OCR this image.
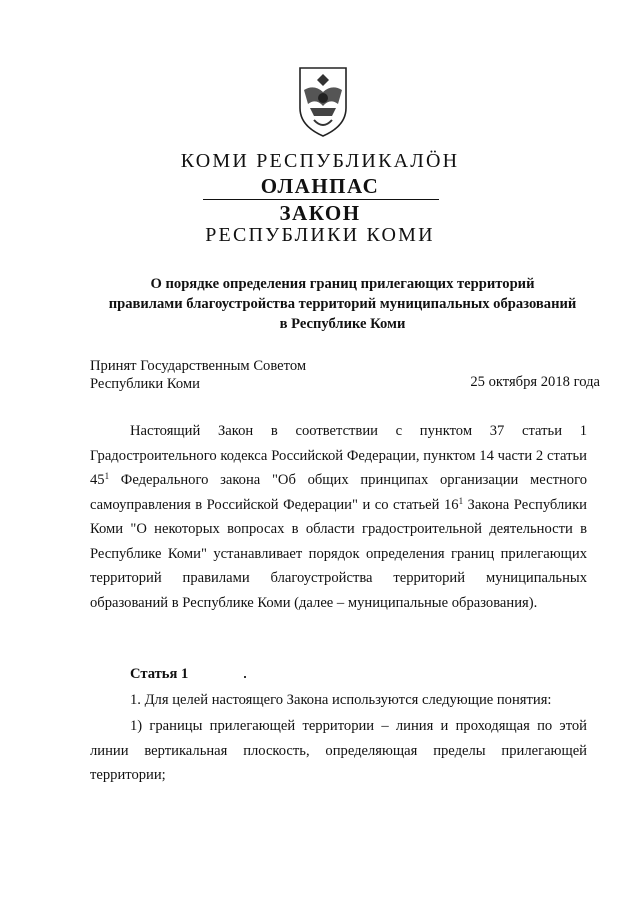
КОМИ РЕСПУБЛИКАЛÖН
ОЛАНПАС
ЗАКОН
РЕСПУБЛИКИ КОМИ
О порядке определения границ прилегающих территорий
правилами благоустройства территорий муниципальных образований
в Республике Коми
Принят Государственным Советом
Республики Коми	25 октября 2018 года
Настоящий Закон в соответствии с пунктом 37 статьи 1 Градостроительного кодекса Российской Федерации, пунктом 14 части 2 статьи $45^1$ Федерального закона "Об общих принципах организации местного самоуправления в Российской Федерации" и со статьей $16^1$ Закона Республики Коми "О некоторых вопросах в области градостроительной деятельности в Республике Коми" устанавливает порядок определения границ прилегающих территорий правилами благоустройства территорий муниципальных образований в Республике Коми (далее – муниципальные образования).
Статья 1
1. Для целей настоящего Закона используются следующие понятия:
1) границы прилегающей территории – линия и проходящая по этой линии вертикальная плоскость, определяющая пределы прилегающей территории;
